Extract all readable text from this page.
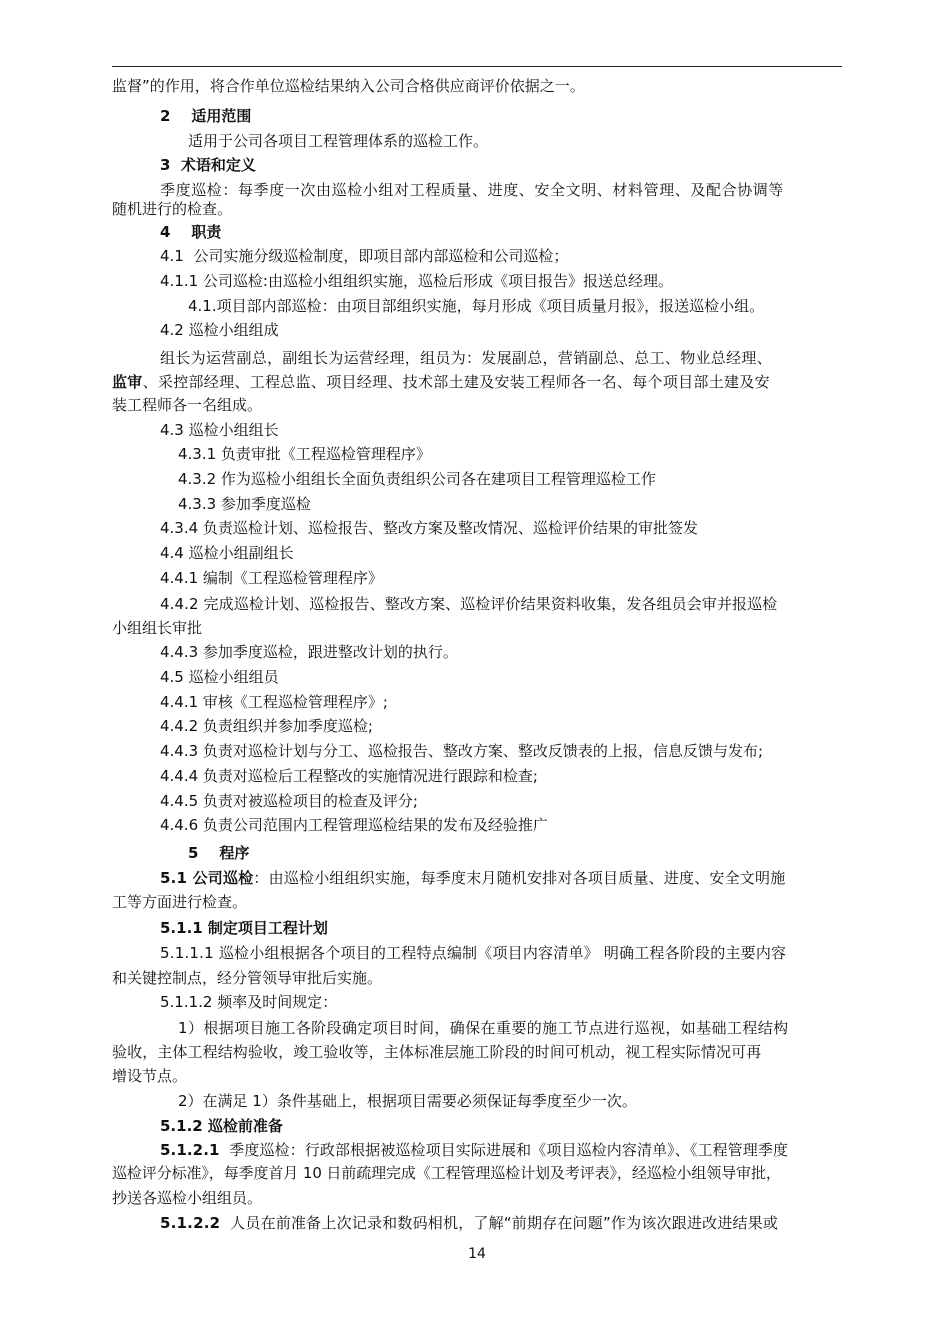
监督”的作用，将合作单位巡检结果纳入公司合格供应商评价依据之一。
2    适用范围
适用于公司各项目工程管理体系的巡检工作。
3  术语和定义
季度巡检：每季度一次由巡检小组对工程质量、进度、安全文明、材料管理、及配合协调等
随机进行的检查。
4    职责
4.1  公司实施分级巡检制度，即项目部内部巡检和公司巡检；
4.1.1 公司巡检:由巡检小组组织实施，巡检后形成《项目报告》报送总经理。
4.1.项目部内部巡检：由项目部组织实施，每月形成《项目质量月报》，报送巡检小组。
4.2 巡检小组组成
组长为运营副总，副组长为运营经理，组员为：发展副总，营销副总、总工、物业总经理、
监审、采控部经理、工程总监、项目经理、技术部土建及安装工程师各一名、每个项目部土建及安
装工程师各一名组成。
4.3 巡检小组组长
4.3.1 负责审批《工程巡检管理程序》
4.3.2 作为巡检小组组长全面负责组织公司各在建项目工程管理巡检工作
4.3.3 参加季度巡检
4.3.4 负责巡检计划、巡检报告、整改方案及整改情况、巡检评价结果的审批签发
4.4 巡检小组副组长
4.4.1 编制《工程巡检管理程序》
4.4.2 完成巡检计划、巡检报告、整改方案、巡检评价结果资料收集，发各组员会审并报巡检
小组组长审批
4.4.3 参加季度巡检，跟进整改计划的执行。
4.5 巡检小组组员
4.4.1 审核《工程巡检管理程序》;
4.4.2 负责组织并参加季度巡检;
4.4.3 负责对巡检计划与分工、巡检报告、整改方案、整改反馈表的上报，信息反馈与发布;
4.4.4 负责对巡检后工程整改的实施情况进行跟踪和检查;
4.4.5 负责对被巡检项目的检查及评分;
4.4.6 负责公司范围内工程管理巡检结果的发布及经验推广
5    程序
5.1 公司巡检：由巡检小组组织实施，每季度末月随机安排对各项目质量、进度、安全文明施
工等方面进行检查。
5.1.1 制定项目工程计划
5.1.1.1 巡检小组根据各个项目的工程特点编制《项目内容清单》 明确工程各阶段的主要内容
和关键控制点，经分管领导审批后实施。
5.1.1.2 频率及时间规定：
1）根据项目施工各阶段确定项目时间，确保在重要的施工节点进行巡视，如基础工程结构
验收，主体工程结构验收，竣工验收等，主体标准层施工阶段的时间可机动，视工程实际情况可再
增设节点。
2）在满足 1）条件基础上，根据项目需要必须保证每季度至少一次。
5.1.2 巡检前准备
5.1.2.1  季度巡检：行政部根据被巡检项目实际进展和《项目巡检内容清单》、《工程管理季度
巡检评分标准》，每季度首月 10 日前疏理完成《工程管理巡检计划及考评表》，经巡检小组领导审批，
抄送各巡检小组组员。
5.1.2.2  人员在前准备上次记录和数码相机，了解“前期存在问题”作为该次跟进改进结果或
14
